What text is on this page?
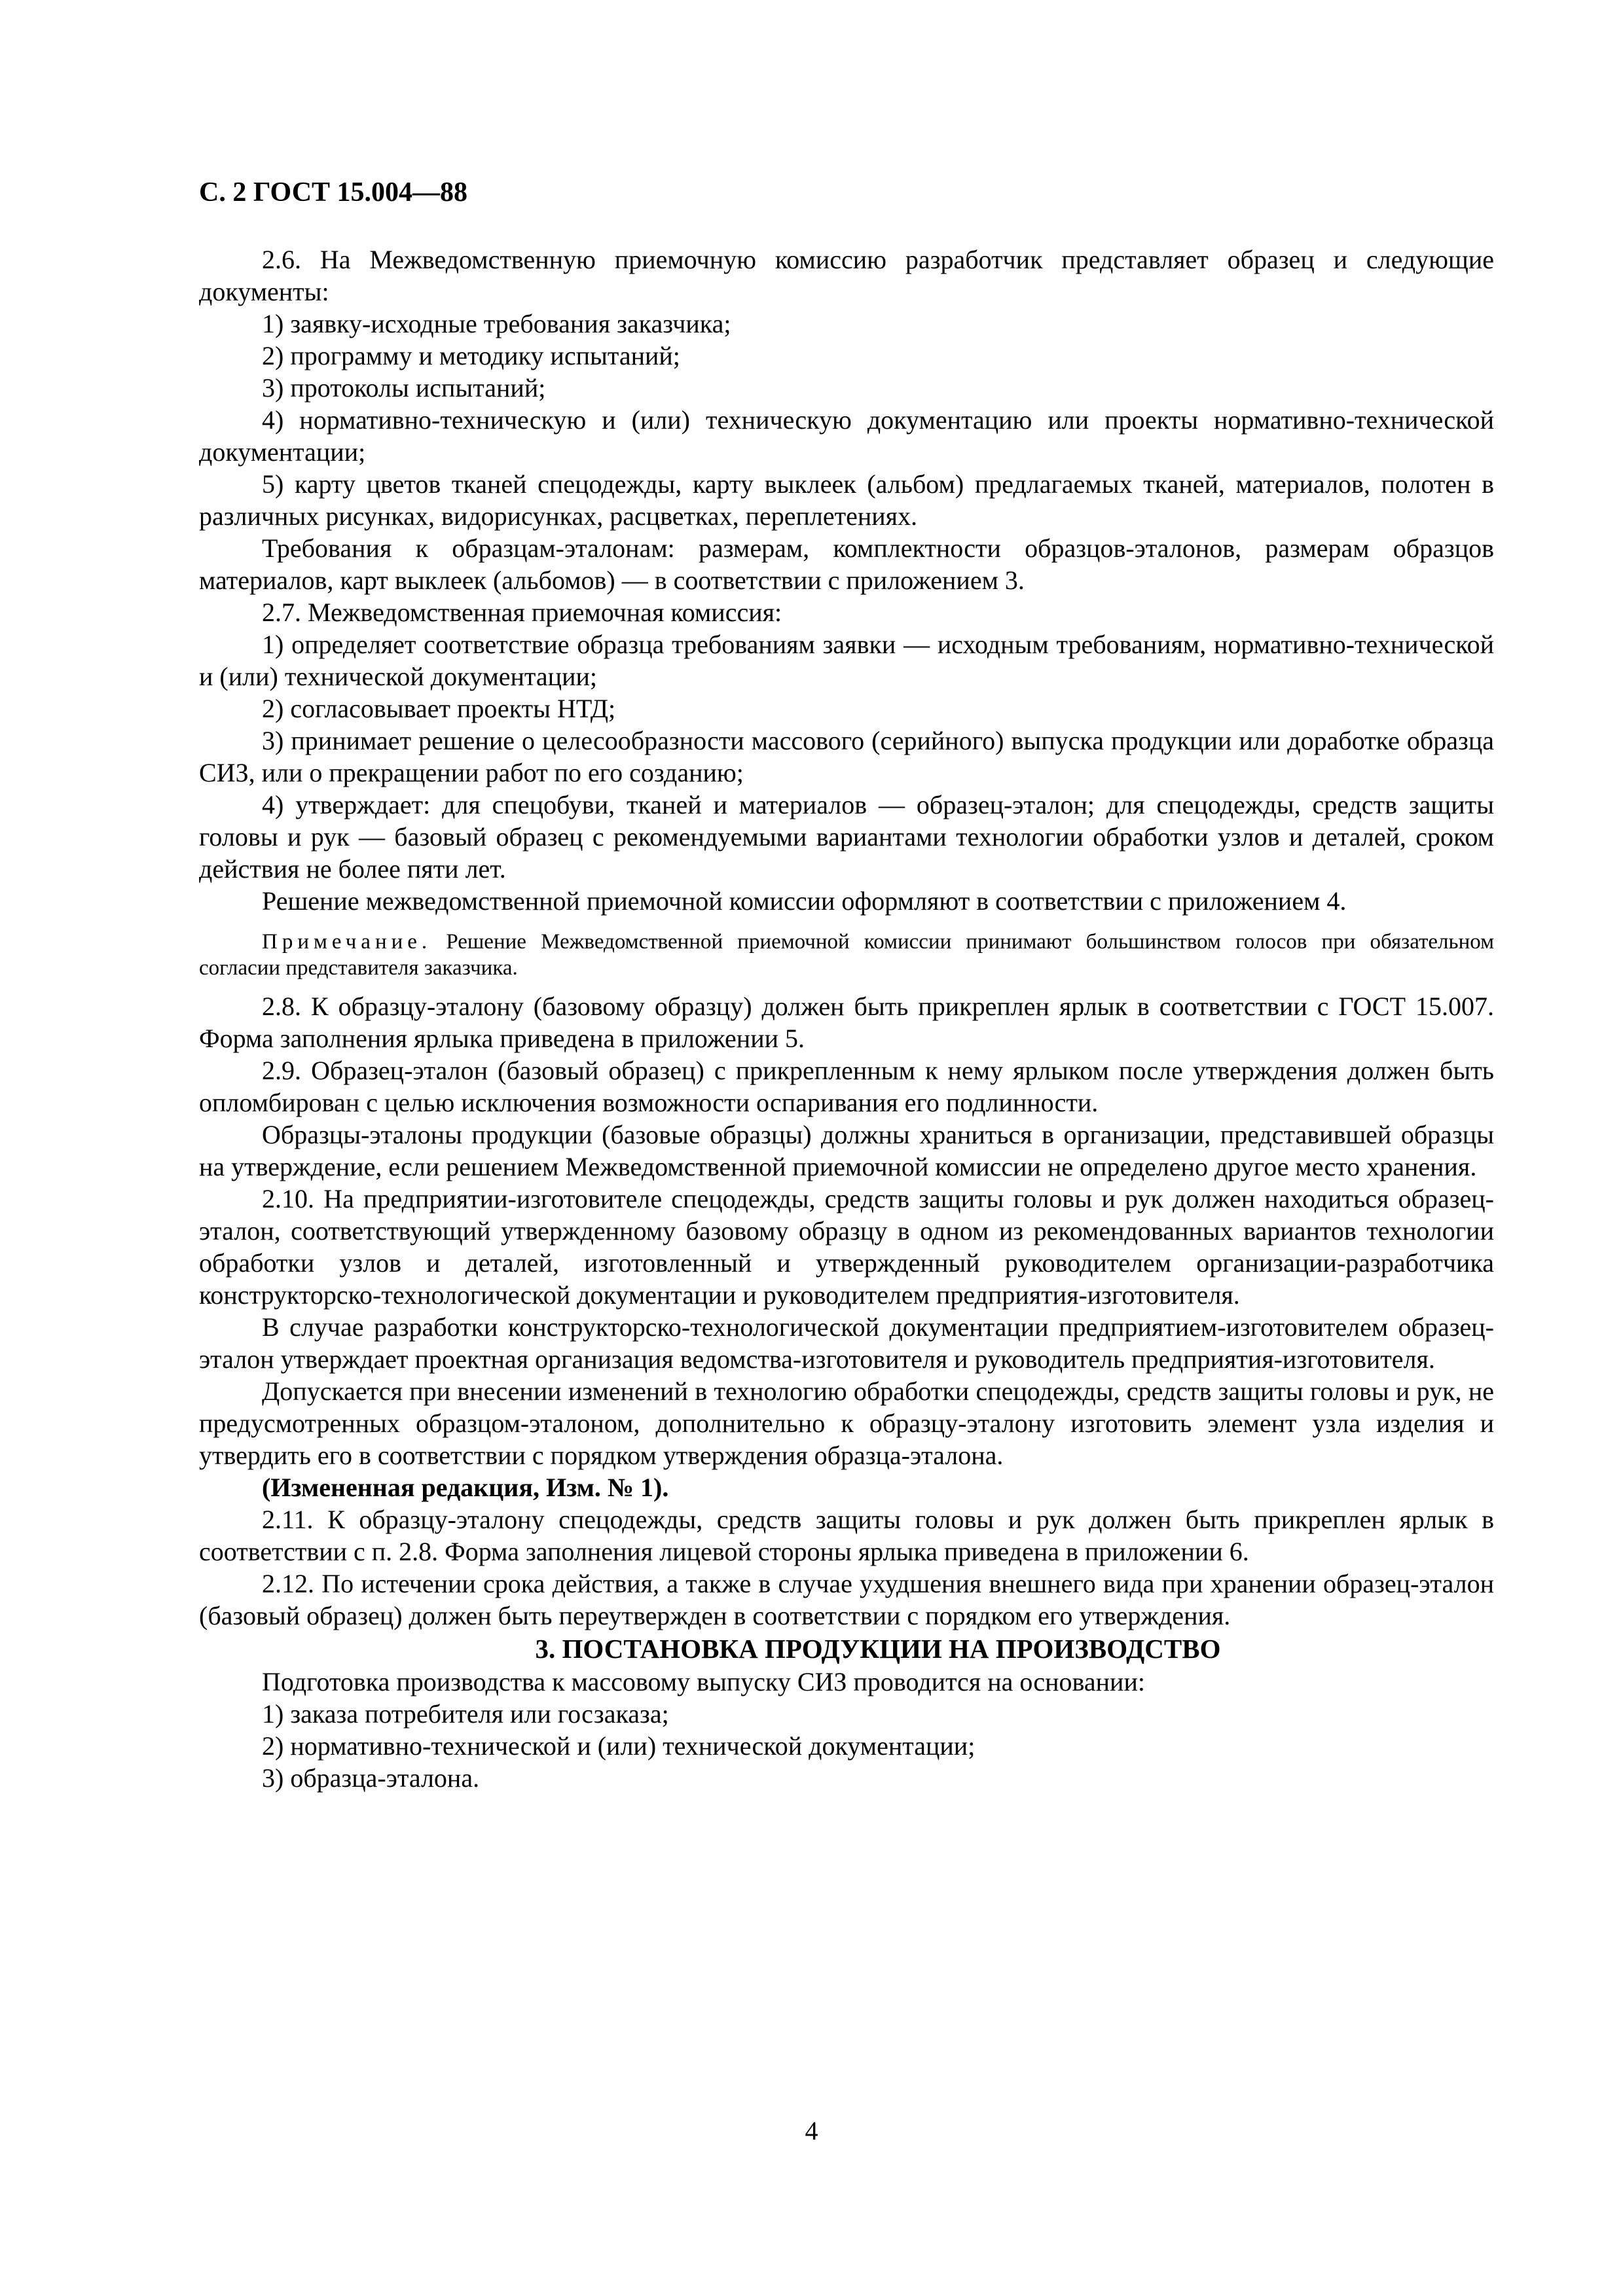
С. 2 ГОСТ 15.004—88

2.6. На Межведомственную приемочную комиссию разработчик представляет образец и следующие документы:

1) заявку-исходные требования заказчика;

2) программу и методику испытаний;

3) протоколы испытаний;

4) нормативно-техническую и (или) техническую документацию или проекты нормативно-технической документации;

5) карту цветов тканей спецодежды, карту выклеек (альбом) предлагаемых тканей, материалов, полотен в различных рисунках, видорисунках, расцветках, переплетениях.

Требования к образцам-эталонам: размерам, комплектности образцов-эталонов, размерам образцов материалов, карт выклеек (альбомов) — в соответствии с приложением 3.

2.7. Межведомственная приемочная комиссия:

1) определяет соответствие образца требованиям заявки — исходным требованиям, нормативно-технической и (или) технической документации;

2) согласовывает проекты НТД;

3) принимает решение о целесообразности массового (серийного) выпуска продукции или доработке образца СИЗ, или о прекращении работ по его созданию;

4) утверждает: для спецобуви, тканей и материалов — образец-эталон; для спецодежды, средств защиты головы и рук — базовый образец с рекомендуемыми вариантами технологии обработки узлов и деталей, сроком действия не более пяти лет.

Решение межведомственной приемочной комиссии оформляют в соответствии с приложением 4.

Примечание. Решение Межведомственной приемочной комиссии принимают большинством голосов при обязательном согласии представителя заказчика.

2.8. К образцу-эталону (базовому образцу) должен быть прикреплен ярлык в соответствии с ГОСТ 15.007. Форма заполнения ярлыка приведена в приложении 5.

2.9. Образец-эталон (базовый образец) с прикрепленным к нему ярлыком после утверждения должен быть опломбирован с целью исключения возможности оспаривания его подлинности.

Образцы-эталоны продукции (базовые образцы) должны храниться в организации, представившей образцы на утверждение, если решением Межведомственной приемочной комиссии не определено другое место хранения.

2.10. На предприятии-изготовителе спецодежды, средств защиты головы и рук должен находиться образец-эталон, соответствующий утвержденному базовому образцу в одном из рекомендованных вариантов технологии обработки узлов и деталей, изготовленный и утвержденный руководителем организации-разработчика конструкторско-технологической документации и руководителем предприятия-изготовителя.

В случае разработки конструкторско-технологической документации предприятием-изготовителем образец-эталон утверждает проектная организация ведомства-изготовителя и руководитель предприятия-изготовителя.

Допускается при внесении изменений в технологию обработки спецодежды, средств защиты головы и рук, не предусмотренных образцом-эталоном, дополнительно к образцу-эталону изготовить элемент узла изделия и утвердить его в соответствии с порядком утверждения образца-эталона.

(Измененная редакция, Изм. № 1).

2.11. К образцу-эталону спецодежды, средств защиты головы и рук должен быть прикреплен ярлык в соответствии с п. 2.8. Форма заполнения лицевой стороны ярлыка приведена в приложении 6.

2.12. По истечении срока действия, а также в случае ухудшения внешнего вида при хранении образец-эталон (базовый образец) должен быть переутвержден в соответствии с порядком его утверждения.

3. ПОСТАНОВКА ПРОДУКЦИИ НА ПРОИЗВОДСТВО

Подготовка производства к массовому выпуску СИЗ проводится на основании:

1) заказа потребителя или госзаказа;

2) нормативно-технической и (или) технической документации;

3) образца-эталона.

4
